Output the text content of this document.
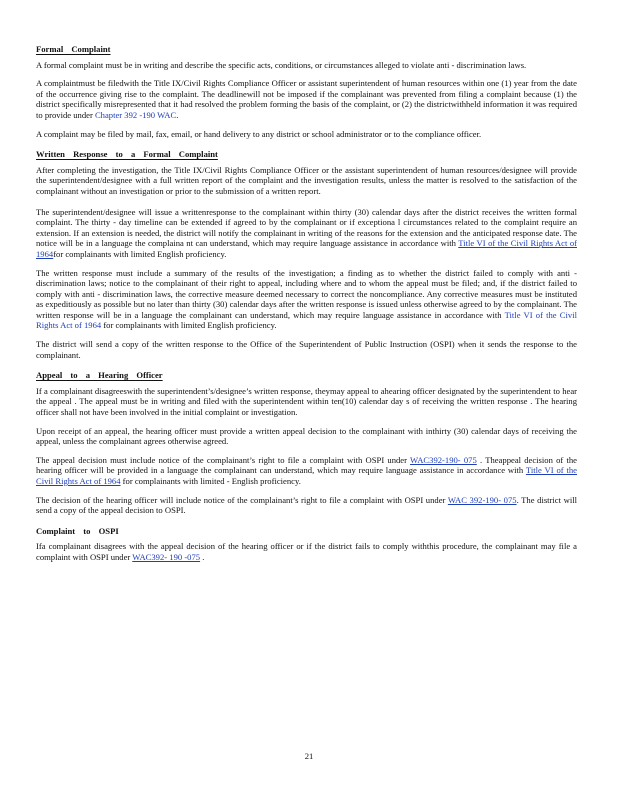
Formal Complaint

A formal complaint must be in writing and describe the specific acts, conditions, or circumstances alleged to violate anti - discrimination laws.

A complaintmust be filedwith the Title IX/Civil Rights Compliance Officer or assistant superintendent of human resources within one (1) year from the date of the occurrence giving rise to the complaint. The deadlinewill not be imposed if the complainant was prevented from filing a complaint because (1) the district specifically misrepresented that it had resolved the problem forming the basis of the complaint, or (2) the districtwithheld information it was required to provide under Chapter 392 -190 WAC.

A complaint may be filed by mail, fax, email, or hand delivery to any district or school administrator or to the compliance officer.

Written Response to a Formal Complaint

After completing the investigation, the Title IX/Civil Rights Compliance Officer or the assistant superintendent of human resources/designee will provide the superintendent/designee with a full written report of the complaint and the investigation results, unless the matter is resolved to the satisfaction of the complainant without an investigation or prior to the submission of a written report.

The superintendent/designee will issue a writtenresponse to the complainant within thirty (30) calendar days after the district receives the written formal complaint. The thirty - day timeline can be extended if agreed to by the complainant or if exceptiona l circumstances related to the complaint require an extension. If an extension is needed, the district will notify the complainant in writing of the reasons for the extension and the anticipated response date. The notice will be in a language the complaina nt can understand, which may require language assistance in accordance with Title VI of the Civil Rights Act of 1964for complainants with limited English proficiency.

The written response must include a summary of the results of the investigation; a finding as to whether the district failed to comply with anti - discrimination laws; notice to the complainant of their right to appeal, including where and to whom the appeal must be filed; and, if the district failed to comply with anti - discrimination laws, the corrective measure deemed necessary to correct the noncompliance. Any corrective measures must be instituted as expeditiously as possible but no later than thirty (30) calendar days after the written response is issued unless otherwise agreed to by the complainant. The written response will be in a language the complainant can understand, which may require language assistance in accordance with Title VI of the Civil Rights Act of 1964 for complainants with limited English proficiency.

The district will send a copy of the written response to the Office of the Superintendent of Public Instruction (OSPI) when it sends the response to the complainant.

Appeal to a Hearing Officer

If a complainant disagreeswith the superintendent’s/designee’s written response, theymay appeal to ahearing officer designated by the superintendent to hear the appeal . The appeal must be in writing and filed with the superintendent within ten(10) calendar day s of receiving the written response . The hearing officer shall not have been involved in the initial complaint or investigation.

Upon receipt of an appeal, the hearing officer must provide a written appeal decision to the complainant with inthirty (30) calendar days of receiving the appeal, unless the complainant agrees otherwise agreed.

The appeal decision must include notice of the complainant’s right to file a complaint with OSPI under WAC392-190- 075 . Theappeal decision of the hearing officer will be provided in a language the complainant can understand, which may require language assistance in accordance with Title VI of the Civil Rights Act of 1964 for complainants with limited - English proficiency.

The decision of the hearing officer will include notice of the complainant’s right to file a complaint with OSPI under WAC 392-190- 075. The district will send a copy of the appeal decision to OSPI.

Complaint to OSPI

Ifa complainant disagrees with the appeal decision of the hearing officer or if the district fails to comply withthis procedure, the complainant may file a complaint with OSPI under WAC392- 190 -075 .

21
